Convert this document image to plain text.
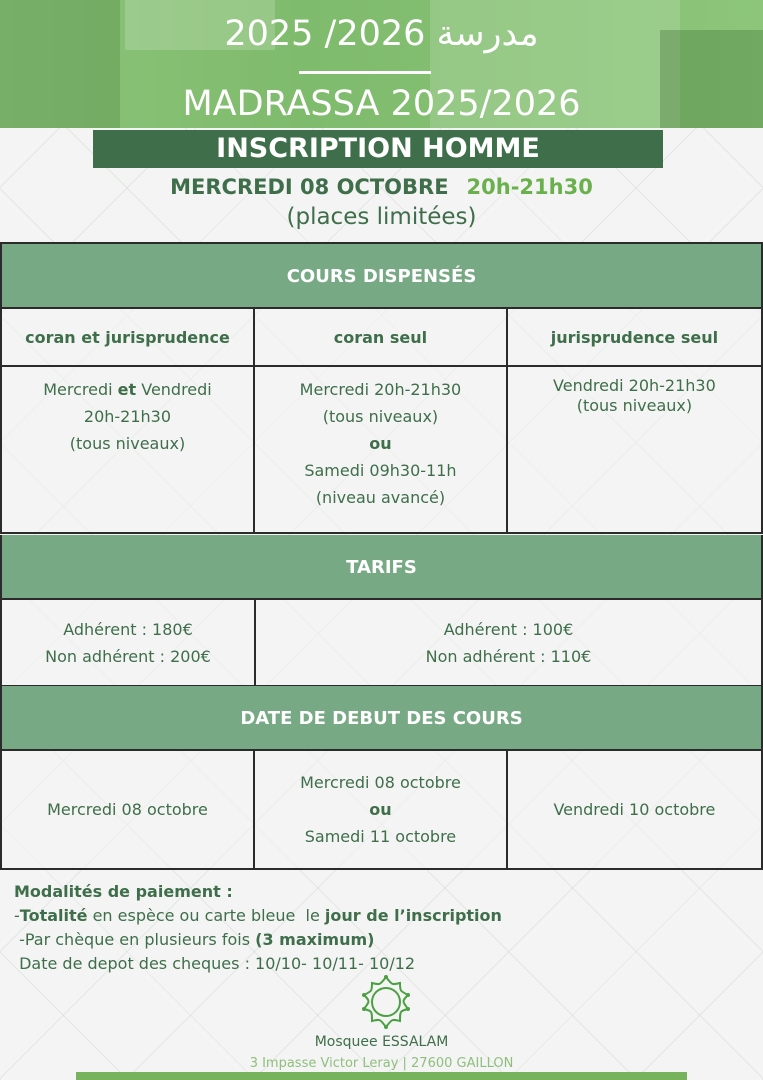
مدرسة 2026/ 2025
MADRASSA 2025/2026
INSCRIPTION HOMME
MERCREDI 08 OCTOBRE 20h-21h30
(places limitées)
COURS DISPENSÉS
coran et jurisprudence
Mercredi et Vendredi
20h-21h30
(tous niveaux)
coran seul
Mercredi 20h-21h30
(tous niveaux)
ou
Samedi 09h30-11h
(niveau avancé)
jurisprudence seul
Vendredi 20h-21h30
(tous niveaux)
TARIFS
Adhérent : 180€
Non adhérent : 200€
Adhérent : 100€
Non adhérent : 110€
DATE DE DEBUT DES COURS
Mercredi 08 octobre
Mercredi 08 octobre
ou
Samedi 11 octobre
Vendredi 10 octobre
Modalités de paiement :
-Totalité en espèce ou carte bleue  le jour de l’inscription
-Par chèque en plusieurs fois (3 maximum)
Date de depot des cheques : 10/10- 10/11- 10/12
Mosquee ESSALAM
3 Impasse Victor Leray | 27600 GAILLON
